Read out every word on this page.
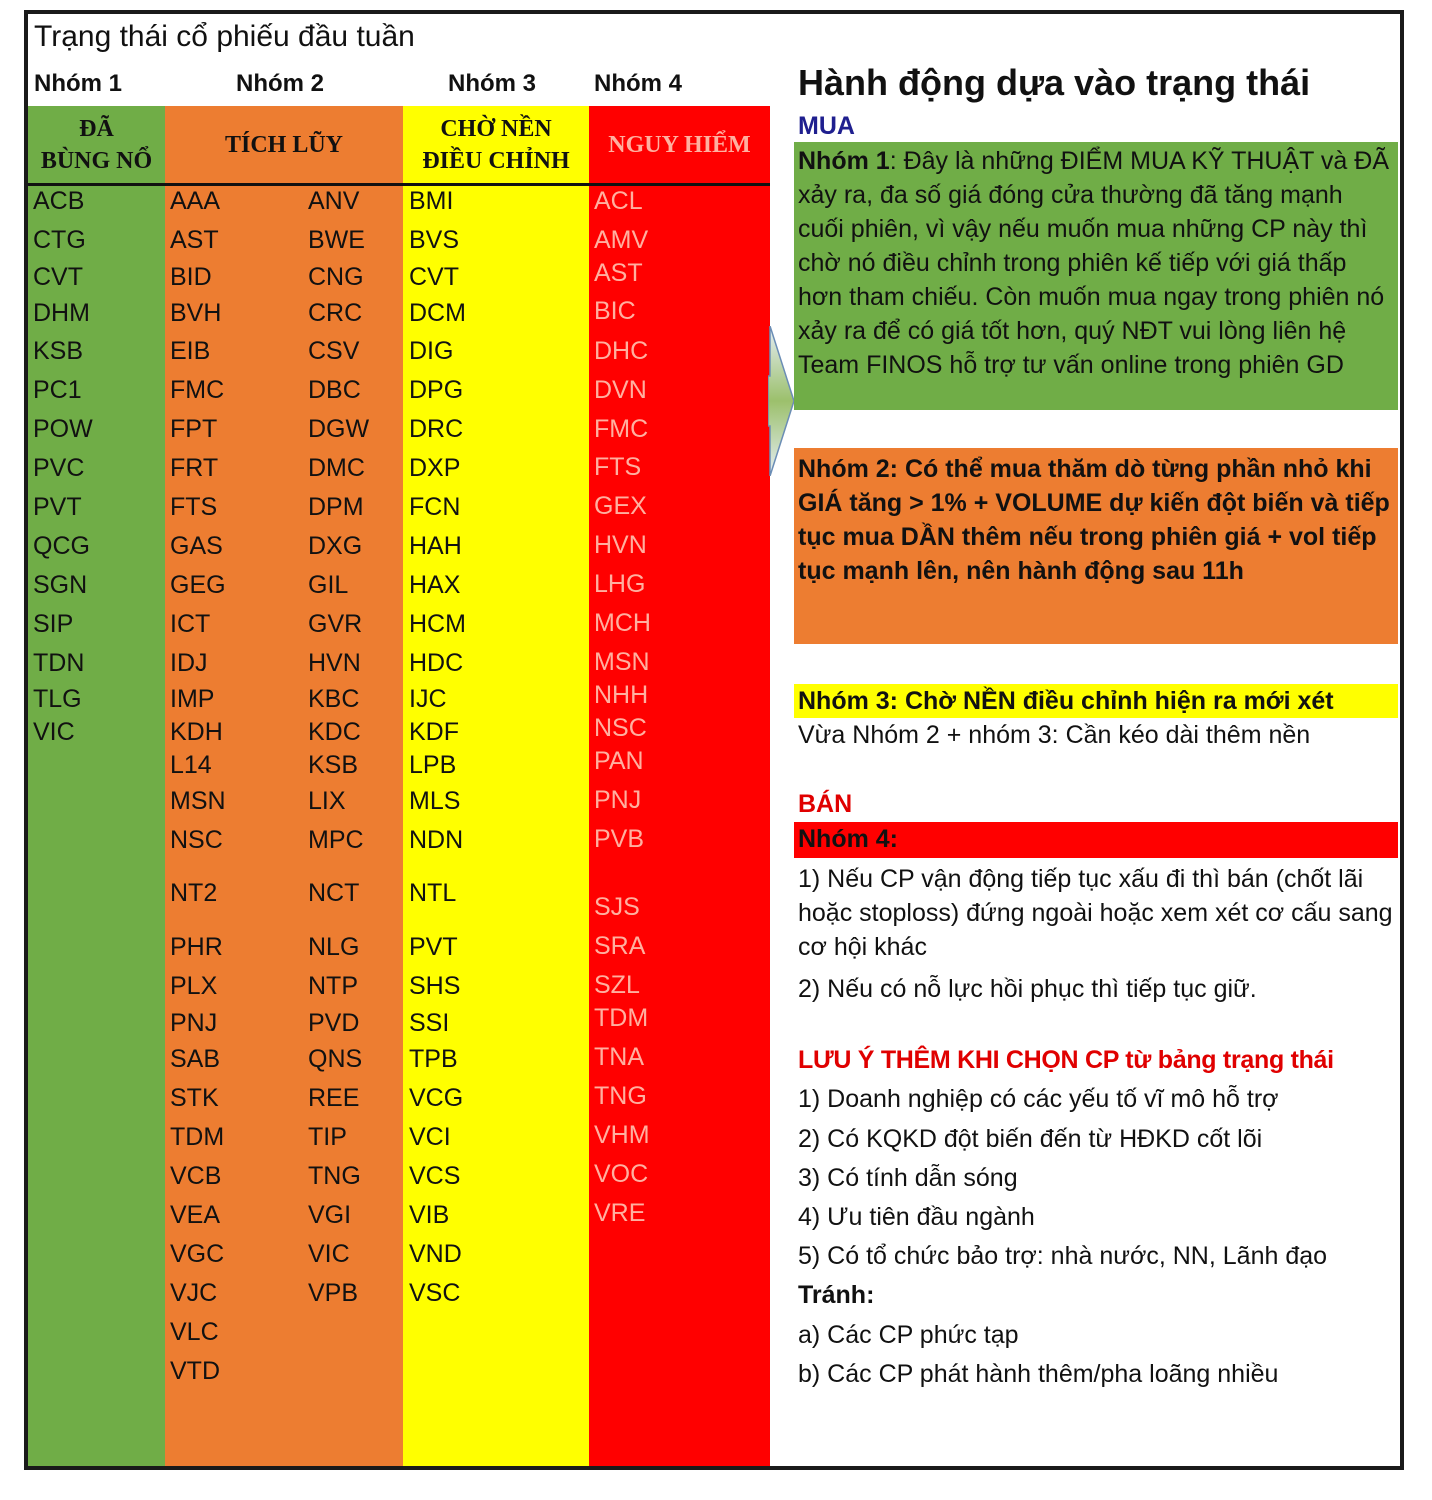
Trạng thái cổ phiếu đầu tuần
Nhóm 1	Nhóm 2	Nhóm 3 Nhóm 4
ĐÃ
BÙNG NỔ
TÍCH LŨY
CHỜ NỀN
ĐIỀU CHỈNH
NGUY HIỂM
ACB
CTG
CVT
DHM
KSB
PC1
POW
PVC
PVT
QCG
SGN
SIP
TDN
TLG
VIC
AAA
AST
BID
BVH
EIB
FMC
FPT
FRT
FTS
GAS
GEG
ICT
IDJ
IMP
KDH
L14
MSN
NSC
NT2
PHR
PLX
PNJ
SAB
STK
TDM
VCB
VEA
VGC
VJC
VLC
VTD
ANV
BWE
CNG
CRC
CSV
DBC
DGW
DMC
DPM
DXG
GIL
GVR
HVN
KBC
KDC
KSB
LIX
MPC
NCT
NLG
NTP
PVD
QNS
REE
TIP
TNG
VGI
VIC
VPB
BMI
BVS
CVT
DCM
DIG
DPG
DRC
DXP
FCN
HAH
HAX
HCM
HDC
IJC
KDF
LPB
MLS
NDN
NTL
PVT
SHS
SSI
TPB
VCG
VCI
VCS
VIB
VND
VSC
ACL
AMV
AST
BIC
DHC
DVN
FMC
FTS
GEX
HVN
LHG
MCH
MSN
NHH
NSC
PAN
PNJ
PVB
SJS
SRA
SZL
TDM
TNA
TNG
VHM
VOC
VRE
Hành động dựa vào trạng thái
MUA
Nhóm 1: Đây là những ĐIỂM MUA KỸ THUẬT và ĐÃ xảy ra, đa số giá đóng cửa thường đã tăng mạnh cuối phiên, vì vậy nếu muốn mua những CP này thì chờ nó điều chỉnh trong phiên kế tiếp với giá thấp hơn tham chiếu. Còn muốn mua ngay trong phiên nó xảy ra để có giá tốt hơn, quý NĐT vui lòng liên hệ Team FINOS hỗ trợ tư vấn online trong phiên GD
Nhóm 2: Có thể mua thăm dò từng phần nhỏ khi GIÁ tăng > 1% + VOLUME dự kiến đột biến và tiếp tục mua DẦN thêm nếu trong phiên giá + vol tiếp tục mạnh lên, nên hành động sau 11h
Nhóm 3: Chờ NỀN điều chỉnh hiện ra mới xét
Vừa Nhóm 2 + nhóm 3: Cần kéo dài thêm nền
BÁN
Nhóm 4:
1) Nếu CP vận động tiếp tục xấu đi thì bán (chốt lãi hoặc stoploss) đứng ngoài hoặc xem xét cơ cấu sang cơ hội khác
2) Nếu có nỗ lực hồi phục thì tiếp tục giữ.
LƯU Ý THÊM KHI CHỌN CP từ bảng trạng thái
1) Doanh nghiệp có các yếu tố vĩ mô hỗ trợ
2) Có KQKD đột biến đến từ HĐKD cốt lõi
3) Có tính dẫn sóng
4) Ưu tiên đầu ngành
5) Có tổ chức bảo trợ: nhà nước, NN, Lãnh đạo
Tránh:
a) Các CP phức tạp
b) Các CP phát hành thêm/pha loãng nhiều
